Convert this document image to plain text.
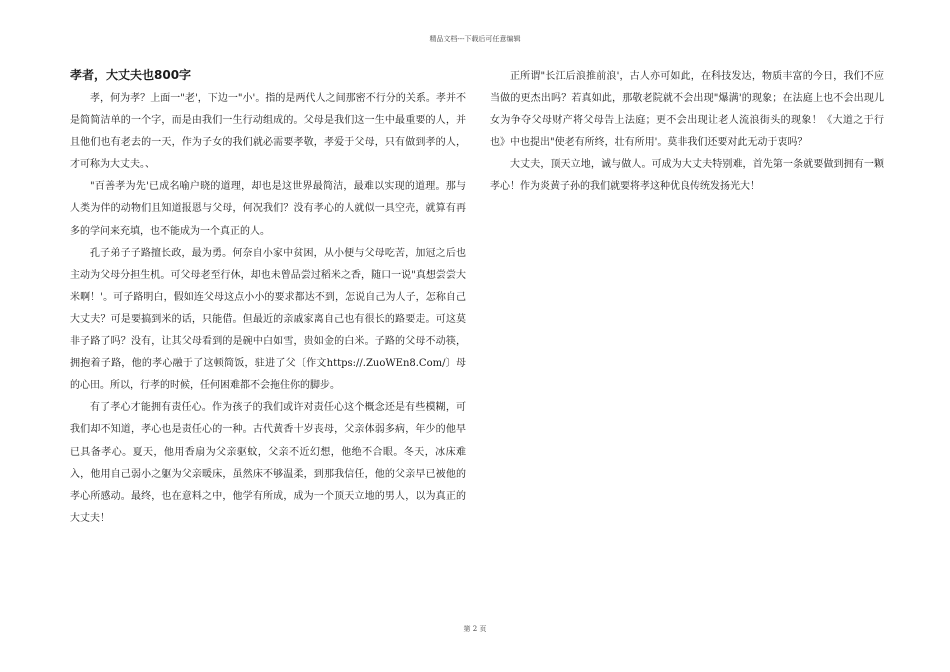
精品文档---下载后可任意编辑
孝者，大丈夫也800字

孝，何为孝？上面一"老'，下边一"小'。指的是两代人之间那密不行分的关系。孝并不是简简洁单的一个字，而是由我们一生行动组成的。父母是我们这一生中最重要的人，并且他们也有老去的一天，作为子女的我们就必需要孝敬，孝爱于父母，只有做到孝的人，才可称为大丈夫。、

"百善孝为先'已成名喻户晓的道理，却也是这世界最简洁，最难以实现的道理。那与人类为伴的动物们且知道报恩与父母，何况我们？没有孝心的人就似一具空壳，就算有再多的学问来充填，也不能成为一个真正的人。

孔子弟子子路擅长政，最为勇。何奈自小家中贫困，从小便与父母吃苦，加冠之后也主动为父母分担生机。可父母老至行休，却也未曾品尝过稻米之香，随口一说"真想尝尝大米啊！'。可子路明白，假如连父母这点小小的要求都达不到，怎说自己为人子，怎称自己大丈夫？可是要搞到米的话，只能借。但最近的亲戚家离自己也有很长的路要走。可这莫非子路了吗？没有，让其父母看到的是碗中白如雪，贵如金的白米。子路的父母不动筷，拥抱着子路，他的孝心融于了这顿简饭，驻进了父〔作文https://.ZuoWEn8.Com/〕母的心田。所以，行孝的时候，任何困难都不会拖住你的脚步。

有了孝心才能拥有责任心。作为孩子的我们或许对责任心这个概念还是有些模糊，可我们却不知道，孝心也是责任心的一种。古代黄香十岁丧母，父亲体弱多病，年少的他早已具备孝心。夏天，他用香扇为父亲驱蚊，父亲不近幻想，他绝不合眼。冬天，冰床难入，他用自己弱小之躯为父亲暖床，虽然床不够温柔，到那我信任，他的父亲早已被他的孝心所感动。最终，也在意料之中，他学有所成，成为一个顶天立地的男人，以为真正的大丈夫！

正所谓"长江后浪推前浪'，古人亦可如此，在科技发达，物质丰富的今日，我们不应当做的更杰出吗？若真如此，那敬老院就不会出现"爆满'的现象；在法庭上也不会出现儿女为争夺父母财产将父母告上法庭；更不会出现让老人流浪街头的现象！《大道之于行也》中也提出"使老有所终，壮有所用'。莫非我们还要对此无动于衷吗？

大丈夫，顶天立地，诚与做人。可成为大丈夫特别难，首先第一条就要做到拥有一颗孝心！作为炎黄子孙的我们就要将孝这种优良传统发扬光大！

第 2 页
